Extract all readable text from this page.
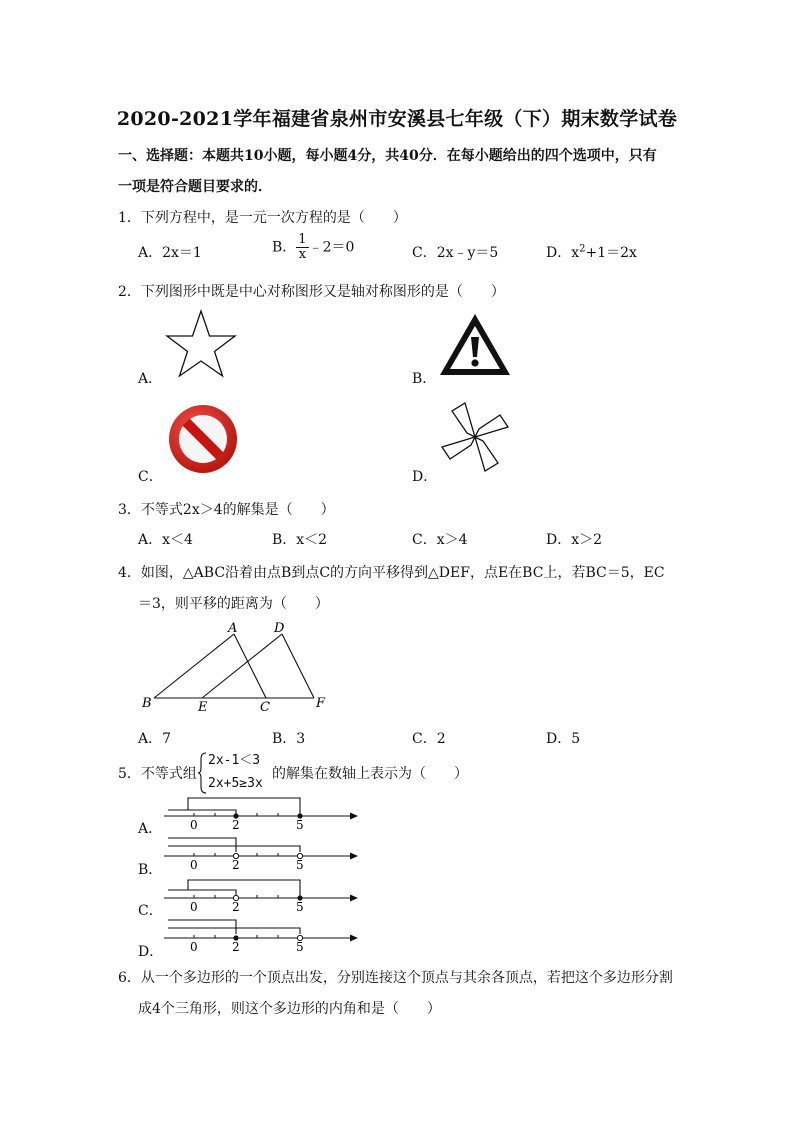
2020-2021学年福建省泉州市安溪县七年级（下）期末数学试卷
一、选择题：本题共10小题，每小题4分，共40分．在每小题给出的四个选项中，只有
一项是符合题目要求的．
1．下列方程中，是一元一次方程的是（　　）
A．2x＝1	B． $\frac{1}{x}$ ﹣2＝0	C．2x﹣y＝5	D．$x^2+1=2x$
2．下列图形中既是中心对称图形又是轴对称图形的是（　　）
A．	B．
C．	D．
3．不等式2x＞4的解集是（　　）
A．x＜4	B．x＜2	C．x＞4	D．x＞2
4．如图，△ABC沿着由点B到点C的方向平移得到△DEF，点E在BC上，若BC＝5，EC
＝3，则平移的距离为（　　）
A	D
B	E	C	F
A．7	B．3	C．2	D．5
5．不等式组
2x-1＜3
2x+5≥3x
的解集在数轴上表示为（　　）
A． 0	2	5
B． 0	2	5
C． 0	2	5
D． 0	2	5
6．从一个多边形的一个顶点出发，分别连接这个顶点与其余各顶点，若把这个多边形分割
成4个三角形，则这个多边形的内角和是（　　）
